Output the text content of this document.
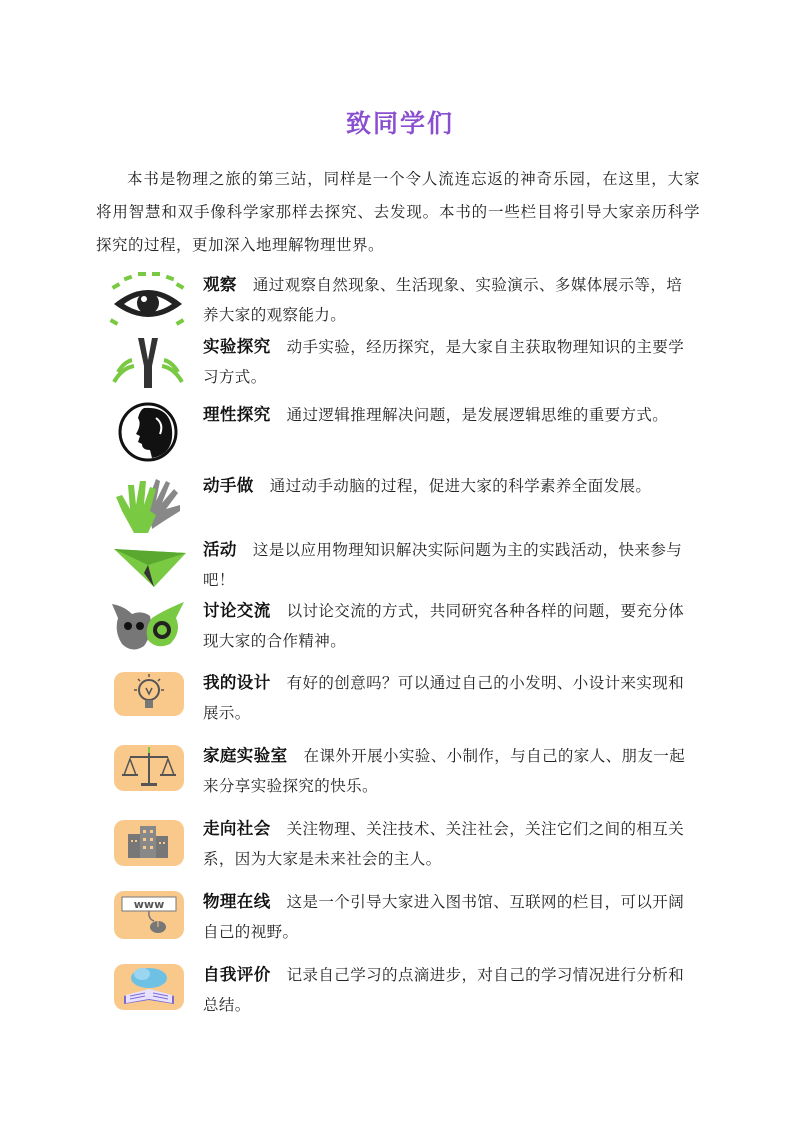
致同学们
本书是物理之旅的第三站，同样是一个令人流连忘返的神奇乐园，在这里，大家将用智慧和双手像科学家那样去探究、去发现。本书的一些栏目将引导大家亲历科学探究的过程，更加深入地理解物理世界。
观察 通过观察自然现象、生活现象、实验演示、多媒体展示等，培养大家的观察能力。
实验探究 动手实验，经历探究，是大家自主获取物理知识的主要学习方式。
理性探究 通过逻辑推理解决问题，是发展逻辑思维的重要方式。
动手做 通过动手动脑的过程，促进大家的科学素养全面发展。
活动 这是以应用物理知识解决实际问题为主的实践活动，快来参与吧！
讨论交流 以讨论交流的方式，共同研究各种各样的问题，要充分体现大家的合作精神。
我的设计 有好的创意吗？可以通过自己的小发明、小设计来实现和展示。
家庭实验室 在课外开展小实验、小制作，与自己的家人、朋友一起来分享实验探究的快乐。
走向社会 关注物理、关注技术、关注社会，关注它们之间的相互关系，因为大家是未来社会的主人。
www 物理在线 这是一个引导大家进入图书馆、互联网的栏目，可以开阔自己的视野。
自我评价 记录自己学习的点滴进步，对自己的学习情况进行分析和总结。
